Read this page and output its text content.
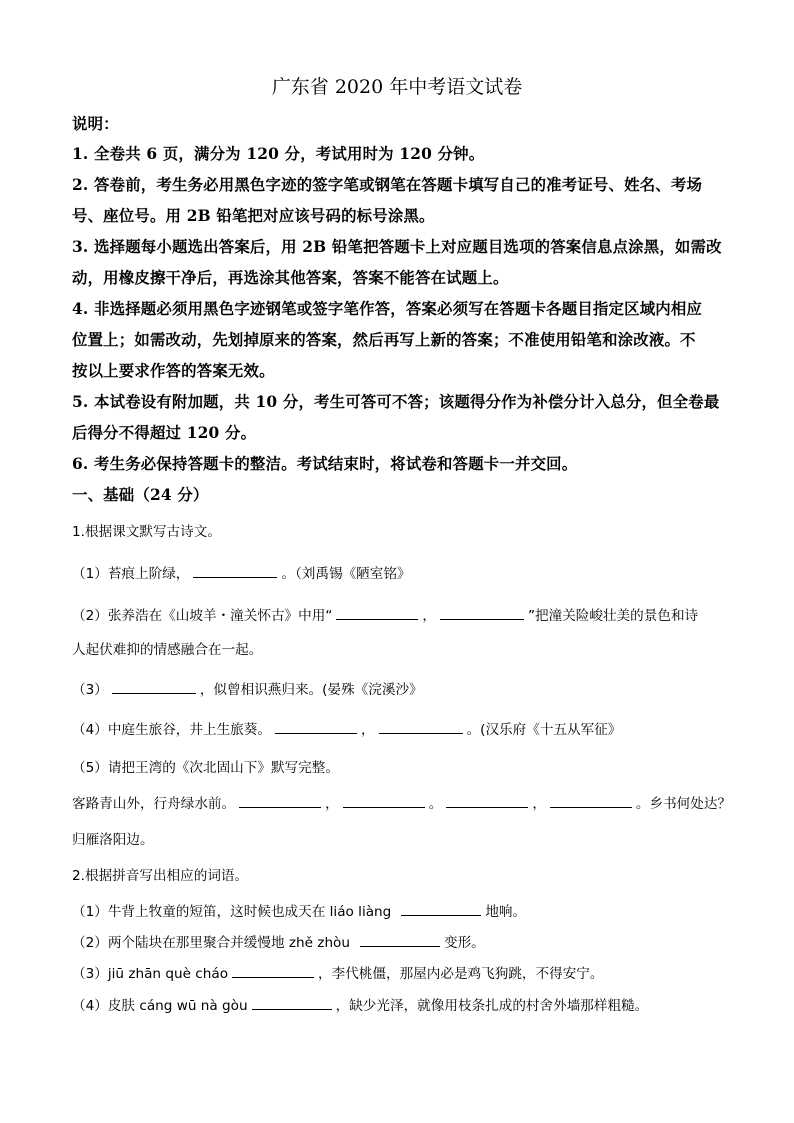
广东省 2020 年中考语文试卷
说明：
1. 全卷共 6 页，满分为 120 分，考试用时为 120 分钟。
2. 答卷前，考生务必用黑色字迹的签字笔或钢笔在答题卡填写自己的准考证号、姓名、考场
号、座位号。用 2B 铅笔把对应该号码的标号涂黑。
3. 选择题每小题选出答案后，用 2B 铅笔把答题卡上对应题目选项的答案信息点涂黑，如需改
动，用橡皮擦干净后，再选涂其他答案，答案不能答在试题上。
4. 非选择题必须用黑色字迹钢笔或签字笔作答，答案必须写在答题卡各题目指定区域内相应
位置上；如需改动，先划掉原来的答案，然后再写上新的答案；不准使用铅笔和涂改液。不
按以上要求作答的答案无效。
5. 本试卷设有附加题，共 10 分，考生可答可不答；该题得分作为补偿分计入总分，但全卷最
后得分不得超过 120 分。
6. 考生务必保持答题卡的整洁。考试结束时，将试卷和答题卡一并交回。
一、基础（24 分）
1.根据课文默写古诗文。
（1）苔痕上阶绿，	。（刘禹锡《陋室铭》
（2）张养浩在《山坡羊・潼关怀古》中用“	，	”把潼关险峻壮美的景色和诗
人起伏难抑的情感融合在一起。
（3）	，似曾相识燕归来。(晏殊《浣溪沙》
（4）中庭生旅谷，井上生旅葵。	，	。(汉乐府《十五从军征》
（5）请把王湾的《次北固山下》默写完整。
客路青山外，行舟绿水前。	，	。	，	。乡书何处达？
归雁洛阳边。
2.根据拼音写出相应的词语。
（1）牛背上牧童的短笛，这时候也成天在 liáo liàng	地响。
（2）两个陆块在那里聚合并缓慢地 zhě zhòu	变形。
（3）jiū zhān què cháo	，李代桃僵，那屋内必是鸡飞狗跳，不得安宁。
（4）皮肤 cáng wū nà gòu	，缺少光泽，就像用枝条扎成的村舍外墙那样粗糙。
